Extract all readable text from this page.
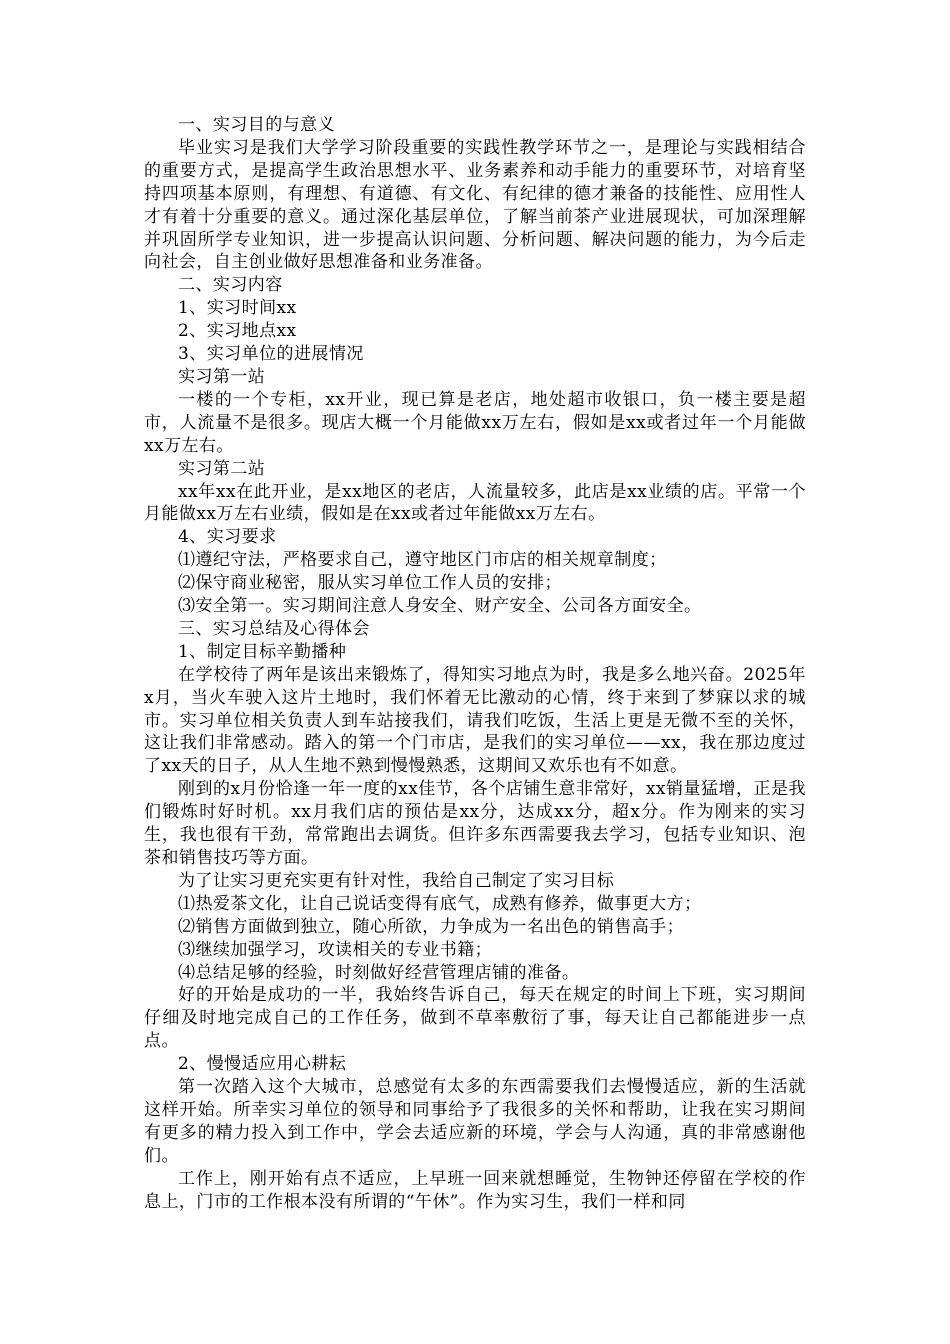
一、实习目的与意义

毕业实习是我们大学学习阶段重要的实践性教学环节之一，是理论与实践相结合的重要方式，是提高学生政治思想水平、业务素养和动手能力的重要环节，对培育坚持四项基本原则，有理想、有道德、有文化、有纪律的德才兼备的技能性、应用性人才有着十分重要的意义。通过深化基层单位，了解当前茶产业进展现状，可加深理解并巩固所学专业知识，进一步提高认识问题、分析问题、解决问题的能力，为今后走向社会，自主创业做好思想准备和业务准备。

二、实习内容

1、实习时间xx

2、实习地点xx

3、实习单位的进展情况

实习第一站

一楼的一个专柜，xx开业，现已算是老店，地处超市收银口，负一楼主要是超市，人流量不是很多。现店大概一个月能做xx万左右，假如是xx或者过年一个月能做xx万左右。

实习第二站

xx年xx在此开业，是xx地区的老店，人流量较多，此店是xx业绩的店。平常一个月能做xx万左右业绩，假如是在xx或者过年能做xx万左右。

4、实习要求

⑴遵纪守法，严格要求自己，遵守地区门市店的相关规章制度；

⑵保守商业秘密，服从实习单位工作人员的安排；

⑶安全第一。实习期间注意人身安全、财产安全、公司各方面安全。

三、实习总结及心得体会

1、制定目标辛勤播种

在学校待了两年是该出来锻炼了，得知实习地点为时，我是多么地兴奋。2025年x月，当火车驶入这片土地时，我们怀着无比激动的心情，终于来到了梦寐以求的城市。实习单位相关负责人到车站接我们，请我们吃饭，生活上更是无微不至的关怀，这让我们非常感动。踏入的第一个门市店，是我们的实习单位——xx，我在那边度过了xx天的日子，从人生地不熟到慢慢熟悉，这期间又欢乐也有不如意。

刚到的x月份恰逢一年一度的xx佳节，各个店铺生意非常好，xx销量猛增，正是我们锻炼时好时机。xx月我们店的预估是xx分，达成xx分，超x分。作为刚来的实习生，我也很有干劲，常常跑出去调货。但许多东西需要我去学习，包括专业知识、泡茶和销售技巧等方面。

为了让实习更充实更有针对性，我给自己制定了实习目标

⑴热爱茶文化，让自己说话变得有底气，成熟有修养，做事更大方；

⑵销售方面做到独立，随心所欲，力争成为一名出色的销售高手；

⑶继续加强学习，攻读相关的专业书籍；

⑷总结足够的经验，时刻做好经营管理店铺的准备。

好的开始是成功的一半，我始终告诉自己，每天在规定的时间上下班，实习期间仔细及时地完成自己的工作任务，做到不草率敷衍了事，每天让自己都能进步一点点。

2、慢慢适应用心耕耘

第一次踏入这个大城市，总感觉有太多的东西需要我们去慢慢适应，新的生活就这样开始。所幸实习单位的领导和同事给予了我很多的关怀和帮助，让我在实习期间有更多的精力投入到工作中，学会去适应新的环境，学会与人沟通，真的非常感谢他们。

工作上，刚开始有点不适应，上早班一回来就想睡觉，生物钟还停留在学校的作息上，门市的工作根本没有所谓的“午休”。作为实习生，我们一样和同
